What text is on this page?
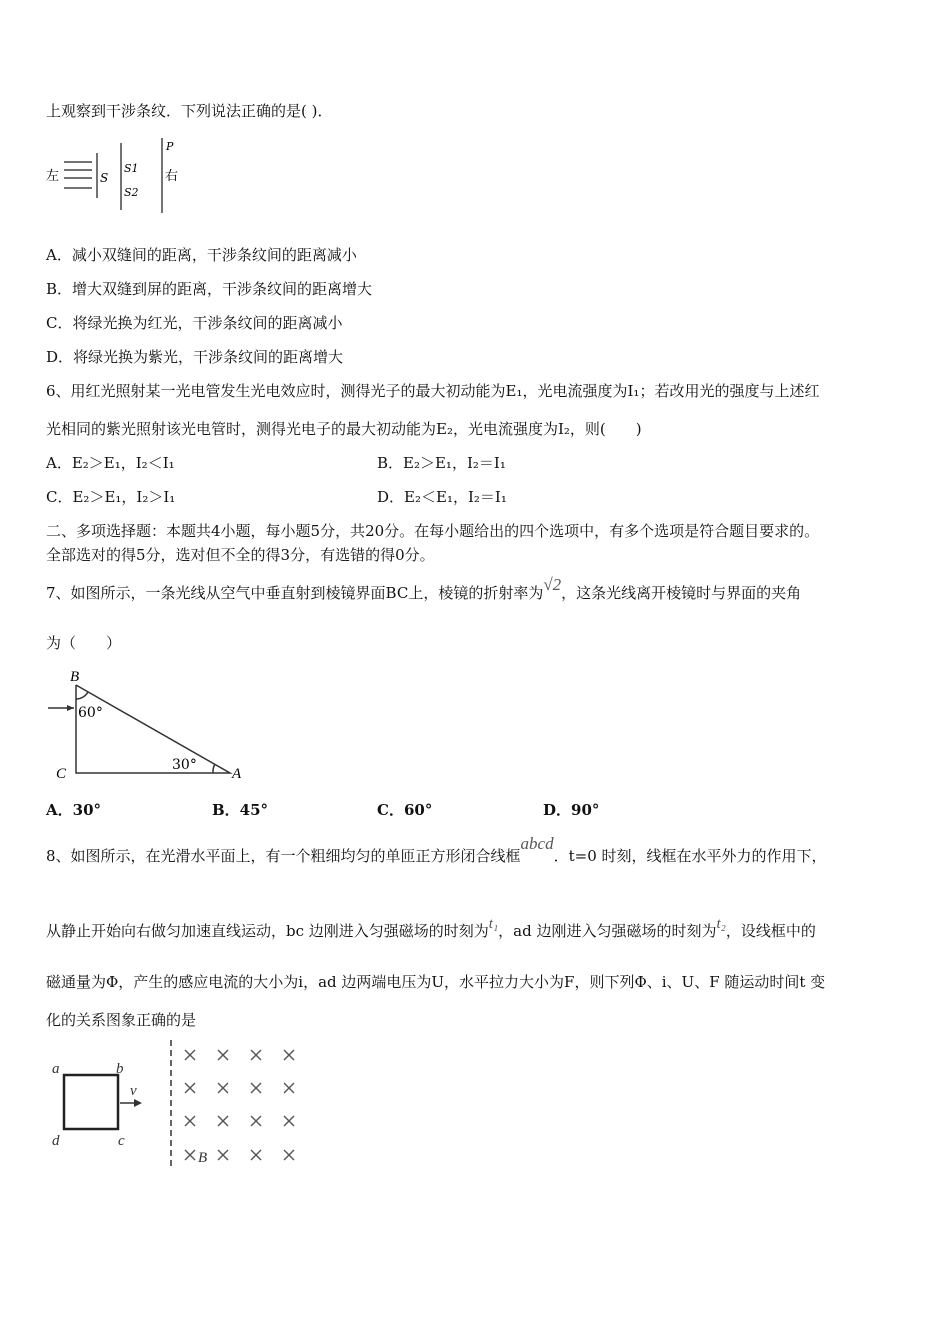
上观察到干涉条纹．下列说法正确的是( )．
左	S
S1
S2
P
右
A．减小双缝间的距离，干涉条纹间的距离减小
B．增大双缝到屏的距离，干涉条纹间的距离增大
C．将绿光换为红光，干涉条纹间的距离减小
D．将绿光换为紫光，干涉条纹间的距离增大
6、用红光照射某一光电管发生光电效应时，测得光子的最大初动能为E₁，光电流强度为I₁；若改用光的强度与上述红
光相同的紫光照射该光电管时，测得光电子的最大初动能为E₂，光电流强度为I₂，则(　　)
A．E₂＞E₁，I₂＜I₁	B．E₂＞E₁，I₂＝I₁
C．E₂＞E₁，I₂＞I₁	D．E₂＜E₁，I₂＝I₁
二、多项选择题：本题共4小题，每小题5分，共20分。在每小题给出的四个选项中，有多个选项是符合题目要求的。
全部选对的得5分，选对但不全的得3分，有选错的得0分。
7、如图所示，一条光线从空气中垂直射到棱镜界面BC上，棱镜的折射率为√2，这条光线离开棱镜时与界面的夹角
为（　　）
B
C	A
60°
30°
A．30°	B．45°	C．60°	D．90°
8、如图所示，在光滑水平面上，有一个粗细均匀的单匝正方形闭合线框abcd．t=0 时刻，线框在水平外力的作用下，
从静止开始向右做匀加速直线运动，bc 边刚进入匀强磁场的时刻为t₁，ad 边刚进入匀强磁场的时刻为t₂，设线框中的
磁通量为Φ，产生的感应电流的大小为i，ad 边两端电压为U，水平拉力大小为F，则下列Φ、i、U、F 随运动时间t 变
化的关系图象正确的是
a	b
c
d
v
B
